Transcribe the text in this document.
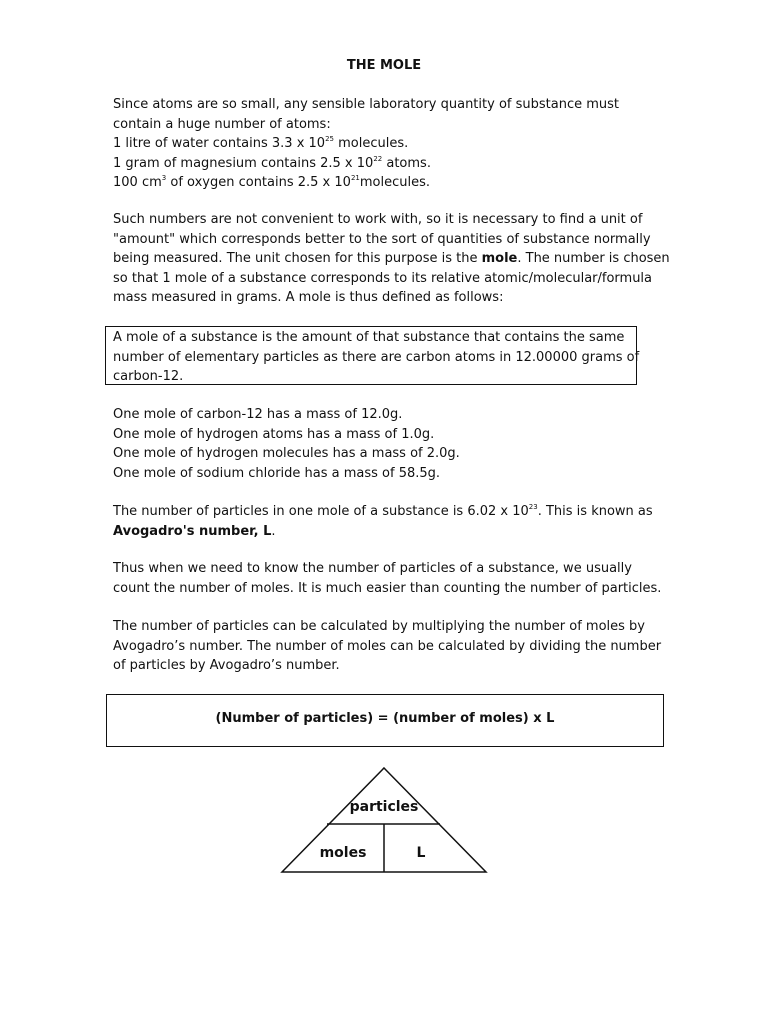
THE MOLE
Since atoms are so small, any sensible laboratory quantity of substance must
contain a huge number of atoms:
1 litre of water contains 3.3 x $10^{25}$ molecules.
1 gram of magnesium contains 2.5 x $10^{22}$ atoms.
100 $cm^3$ of oxygen contains 2.5 x $10^{21}molecules$.
Such numbers are not convenient to work with, so it is necessary to find a unit of
"amount" which corresponds better to the sort of quantities of substance normally
being measured. The unit chosen for this purpose is the mole. The number is chosen
so that 1 mole of a substance corresponds to its relative atomic/molecular/formula
mass measured in grams. A mole is thus defined as follows:
A mole of a substance is the amount of that substance that contains the same
number of elementary particles as there are carbon atoms in 12.00000 grams of
carbon-12.
One mole of carbon-12 has a mass of 12.0g.
One mole of hydrogen atoms has a mass of 1.0g.
One mole of hydrogen molecules has a mass of 2.0g.
One mole of sodium chloride has a mass of 58.5g.
The number of particles in one mole of a substance is 6.02 x $10^{23}$. This is known as
Avogadro's number, L.
Thus when we need to know the number of particles of a substance, we usually
count the number of moles. It is much easier than counting the number of particles.
The number of particles can be calculated by multiplying the number of moles by
Avogadro’s number. The number of moles can be calculated by dividing the number
of particles by Avogadro’s number.
(Number of particles) = (number of moles) x L
particles
moles	L
